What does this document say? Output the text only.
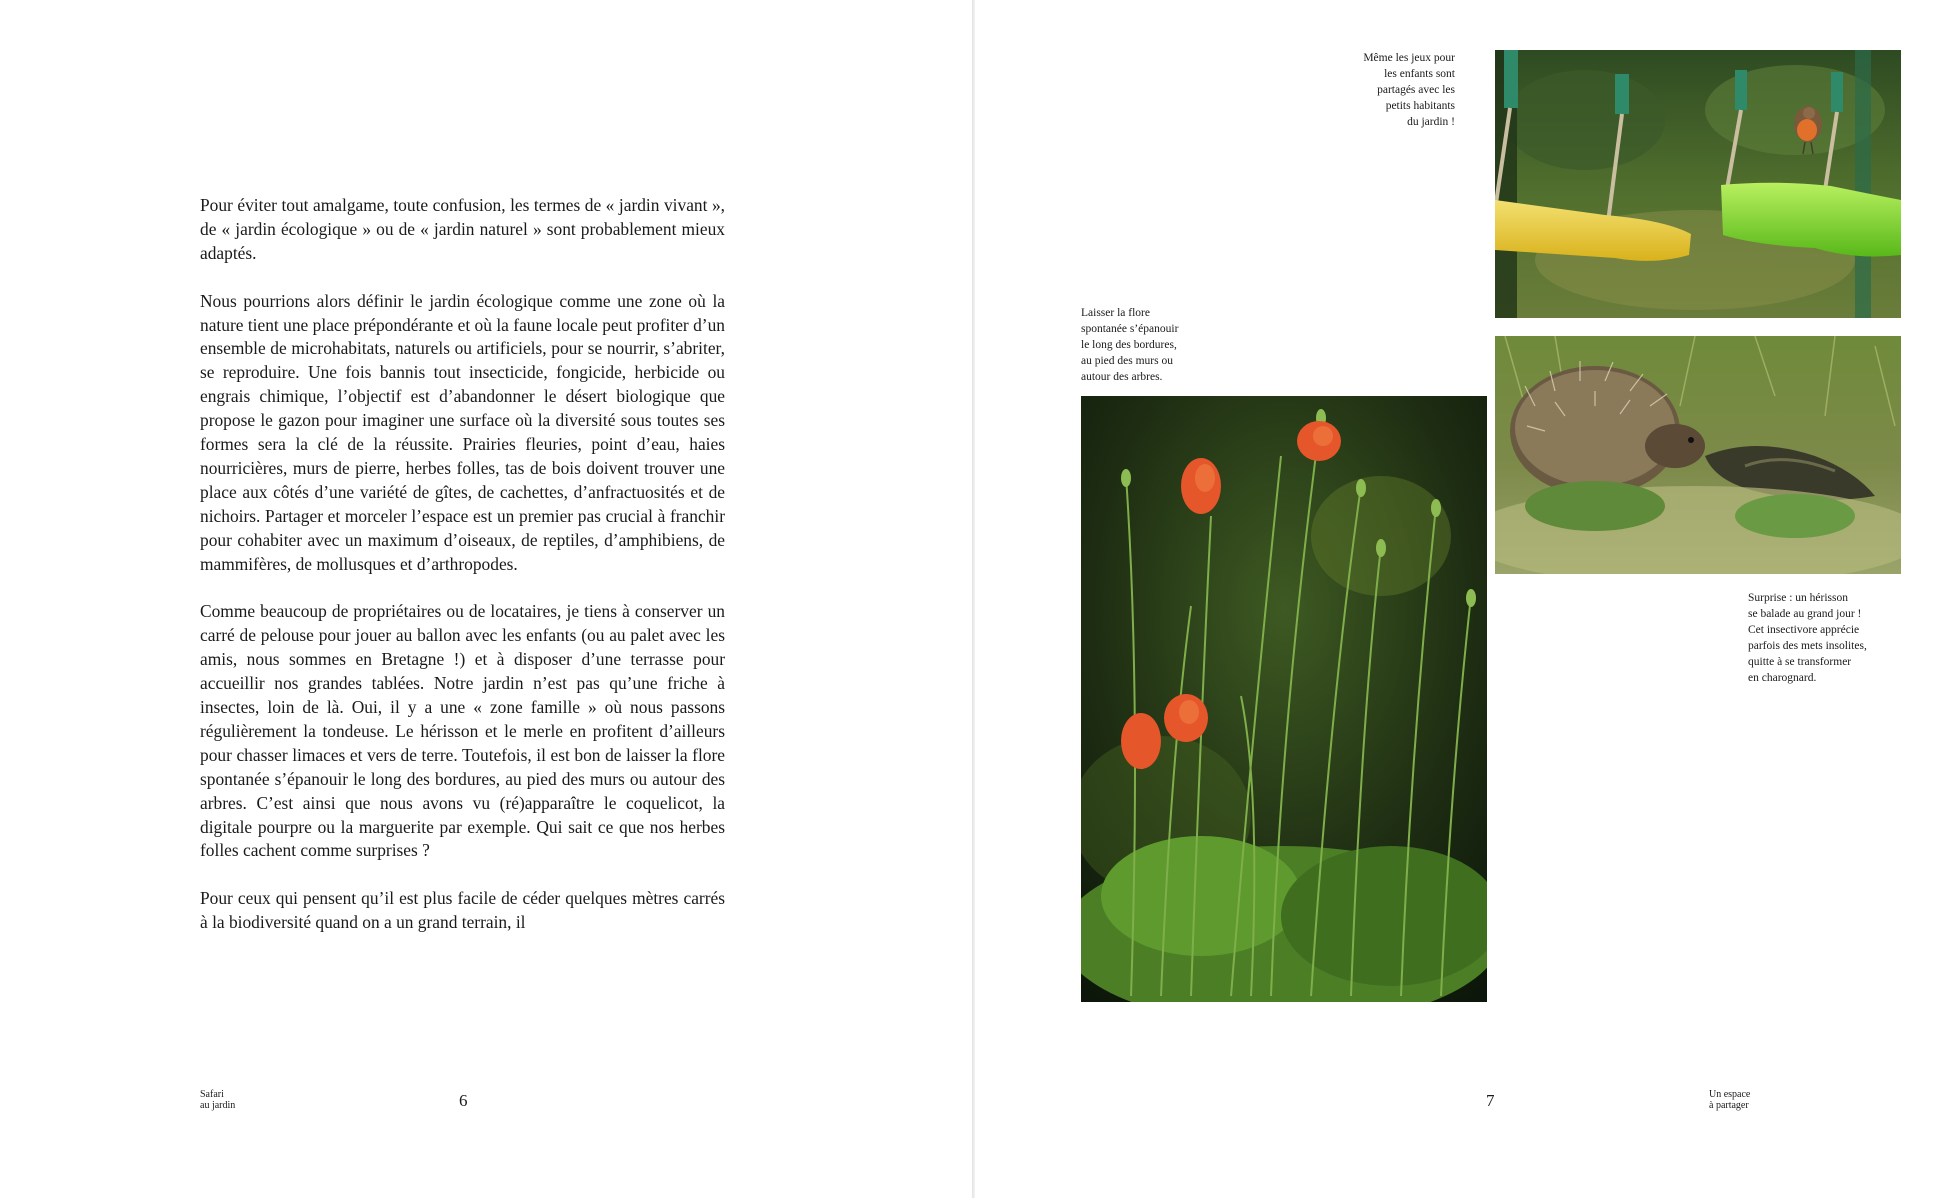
Pour éviter tout amalgame, toute confusion, les termes de « jardin vivant », de « jardin écologique » ou de « jardin naturel » sont probablement mieux adaptés.

Nous pourrions alors définir le jardin écologique comme une zone où la nature tient une place prépondérante et où la faune locale peut profiter d’un ensemble de microhabitats, naturels ou artificiels, pour se nourrir, s’abriter, se reproduire. Une fois bannis tout insecticide, fongicide, herbicide ou engrais chimique, l’objectif est d’abandonner le désert biologique que propose le gazon pour imaginer une surface où la diversité sous toutes ses formes sera la clé de la réussite. Prairies fleuries, point d’eau, haies nourricières, murs de pierre, herbes folles, tas de bois doivent trouver une place aux côtés d’une variété de gîtes, de cachettes, d’anfractuosités et de nichoirs. Partager et morceler l’espace est un premier pas crucial à franchir pour cohabiter avec un maximum d’oiseaux, de reptiles, d’amphibiens, de mammifères, de mollusques et d’arthropodes.

Comme beaucoup de propriétaires ou de locataires, je tiens à conserver un carré de pelouse pour jouer au ballon avec les enfants (ou au palet avec les amis, nous sommes en Bretagne !) et à disposer d’une terrasse pour accueillir nos grandes tablées. Notre jardin n’est pas qu’une friche à insectes, loin de là. Oui, il y a une « zone famille » où nous passons régulièrement la tondeuse. Le hérisson et le merle en profitent d’ailleurs pour chasser limaces et vers de terre. Toutefois, il est bon de laisser la flore spontanée s’épanouir le long des bordures, au pied des murs ou autour des arbres. C’est ainsi que nous avons vu (ré)apparaître le coquelicot, la digitale pourpre ou la marguerite par exemple. Qui sait ce que nos herbes folles cachent comme surprises ?

Pour ceux qui pensent qu’il est plus facile de céder quelques mètres carrés à la biodiversité quand on a un grand terrain, il

Safari
au jardin	6
Même les jeux pour
les enfants sont
partagés avec les
petits habitants
du jardin !
Laisser la flore
spontanée s’épanouir
le long des bordures,
au pied des murs ou
autour des arbres.
Surprise : un hérisson
se balade au grand jour !
Cet insectivore apprécie
parfois des mets insolites,
quitte à se transformer
en charognard.
7	Un espace
à partager
